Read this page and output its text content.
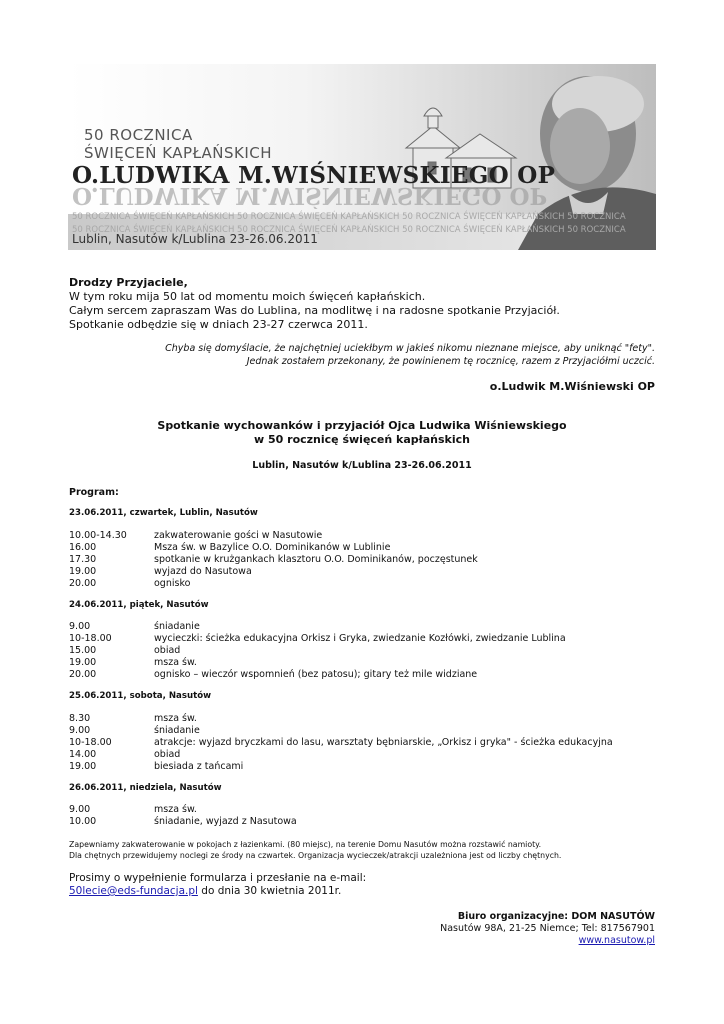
50 ROCZNICA
ŚWIĘCEŃ KAPŁAŃSKICH
O.LUDWIKA M.WIŚNIEWSKIEGO OP
O.LUDWIKA M.WIŚNIEWSKIEGO OP
50 ROCZNICA ŚWIĘCEŃ KAPŁAŃSKICH 50 ROCZNICA ŚWIĘCEŃ KAPŁAŃSKICH 50 ROCZNICA ŚWIĘCEŃ KAPŁAŃSKICH 50 ROCZNICA
50 ROCZNICA ŚWIĘCEŃ KAPŁAŃSKICH 50 ROCZNICA ŚWIĘCEŃ KAPŁAŃSKICH 50 ROCZNICA ŚWIĘCEŃ KAPŁAŃSKICH 50 ROCZNICA
Lublin, Nasutów k/Lublina 23-26.06.2011
Drodzy Przyjaciele,
W tym roku mija 50 lat od momentu moich święceń kapłańskich.
Całym sercem zapraszam Was do Lublina, na modlitwę i na radosne spotkanie Przyjaciół.
Spotkanie odbędzie się w dniach 23-27 czerwca 2011.
Chyba się domyślacie, że najchętniej uciekłbym w jakieś nikomu nieznane miejsce, aby uniknąć "fety".
Jednak zostałem przekonany, że powinienem tę rocznicę, razem z Przyjaciółmi uczcić.
o.Ludwik M.Wiśniewski OP
Spotkanie wychowanków i przyjaciół Ojca Ludwika Wiśniewskiego
w 50 rocznicę święceń kapłańskich
Lublin, Nasutów k/Lublina 23-26.06.2011
Program:
23.06.2011, czwartek, Lublin, Nasutów
10.00-14.30	zakwaterowanie gości w Nasutowie
16.00	Msza św. w Bazylice O.O. Dominikanów w Lublinie
17.30	spotkanie w krużgankach klasztoru O.O. Dominikanów, poczęstunek
19.00	wyjazd do Nasutowa
20.00	ognisko
24.06.2011, piątek, Nasutów
9.00	śniadanie
10-18.00	wycieczki: ścieżka edukacyjna Orkisz i Gryka, zwiedzanie Kozłówki, zwiedzanie Lublina
15.00	obiad
19.00	msza św.
20.00	ognisko – wieczór wspomnień (bez patosu); gitary też mile widziane
25.06.2011, sobota, Nasutów
8.30	msza św.
9.00	śniadanie
10-18.00	atrakcje: wyjazd bryczkami do lasu, warsztaty bębniarskie, „Orkisz i gryka" - ścieżka edukacyjna
14.00	obiad
19.00	biesiada z tańcami
26.06.2011, niedziela, Nasutów
9.00	msza św.
10.00	śniadanie, wyjazd z Nasutowa
Zapewniamy zakwaterowanie w pokojach z łazienkami. (80 miejsc), na terenie Domu Nasutów można rozstawić namioty.
Dla chętnych przewidujemy noclegi ze środy na czwartek. Organizacja wycieczek/atrakcji uzależniona jest od liczby chętnych.
Prosimy o wypełnienie formularza i przesłanie na e-mail:
50lecie@eds-fundacja.pl do dnia 30 kwietnia 2011r.
Biuro organizacyjne: DOM NASUTÓW
Nasutów 98A, 21-25 Niemce; Tel: 817567901
www.nasutow.pl
